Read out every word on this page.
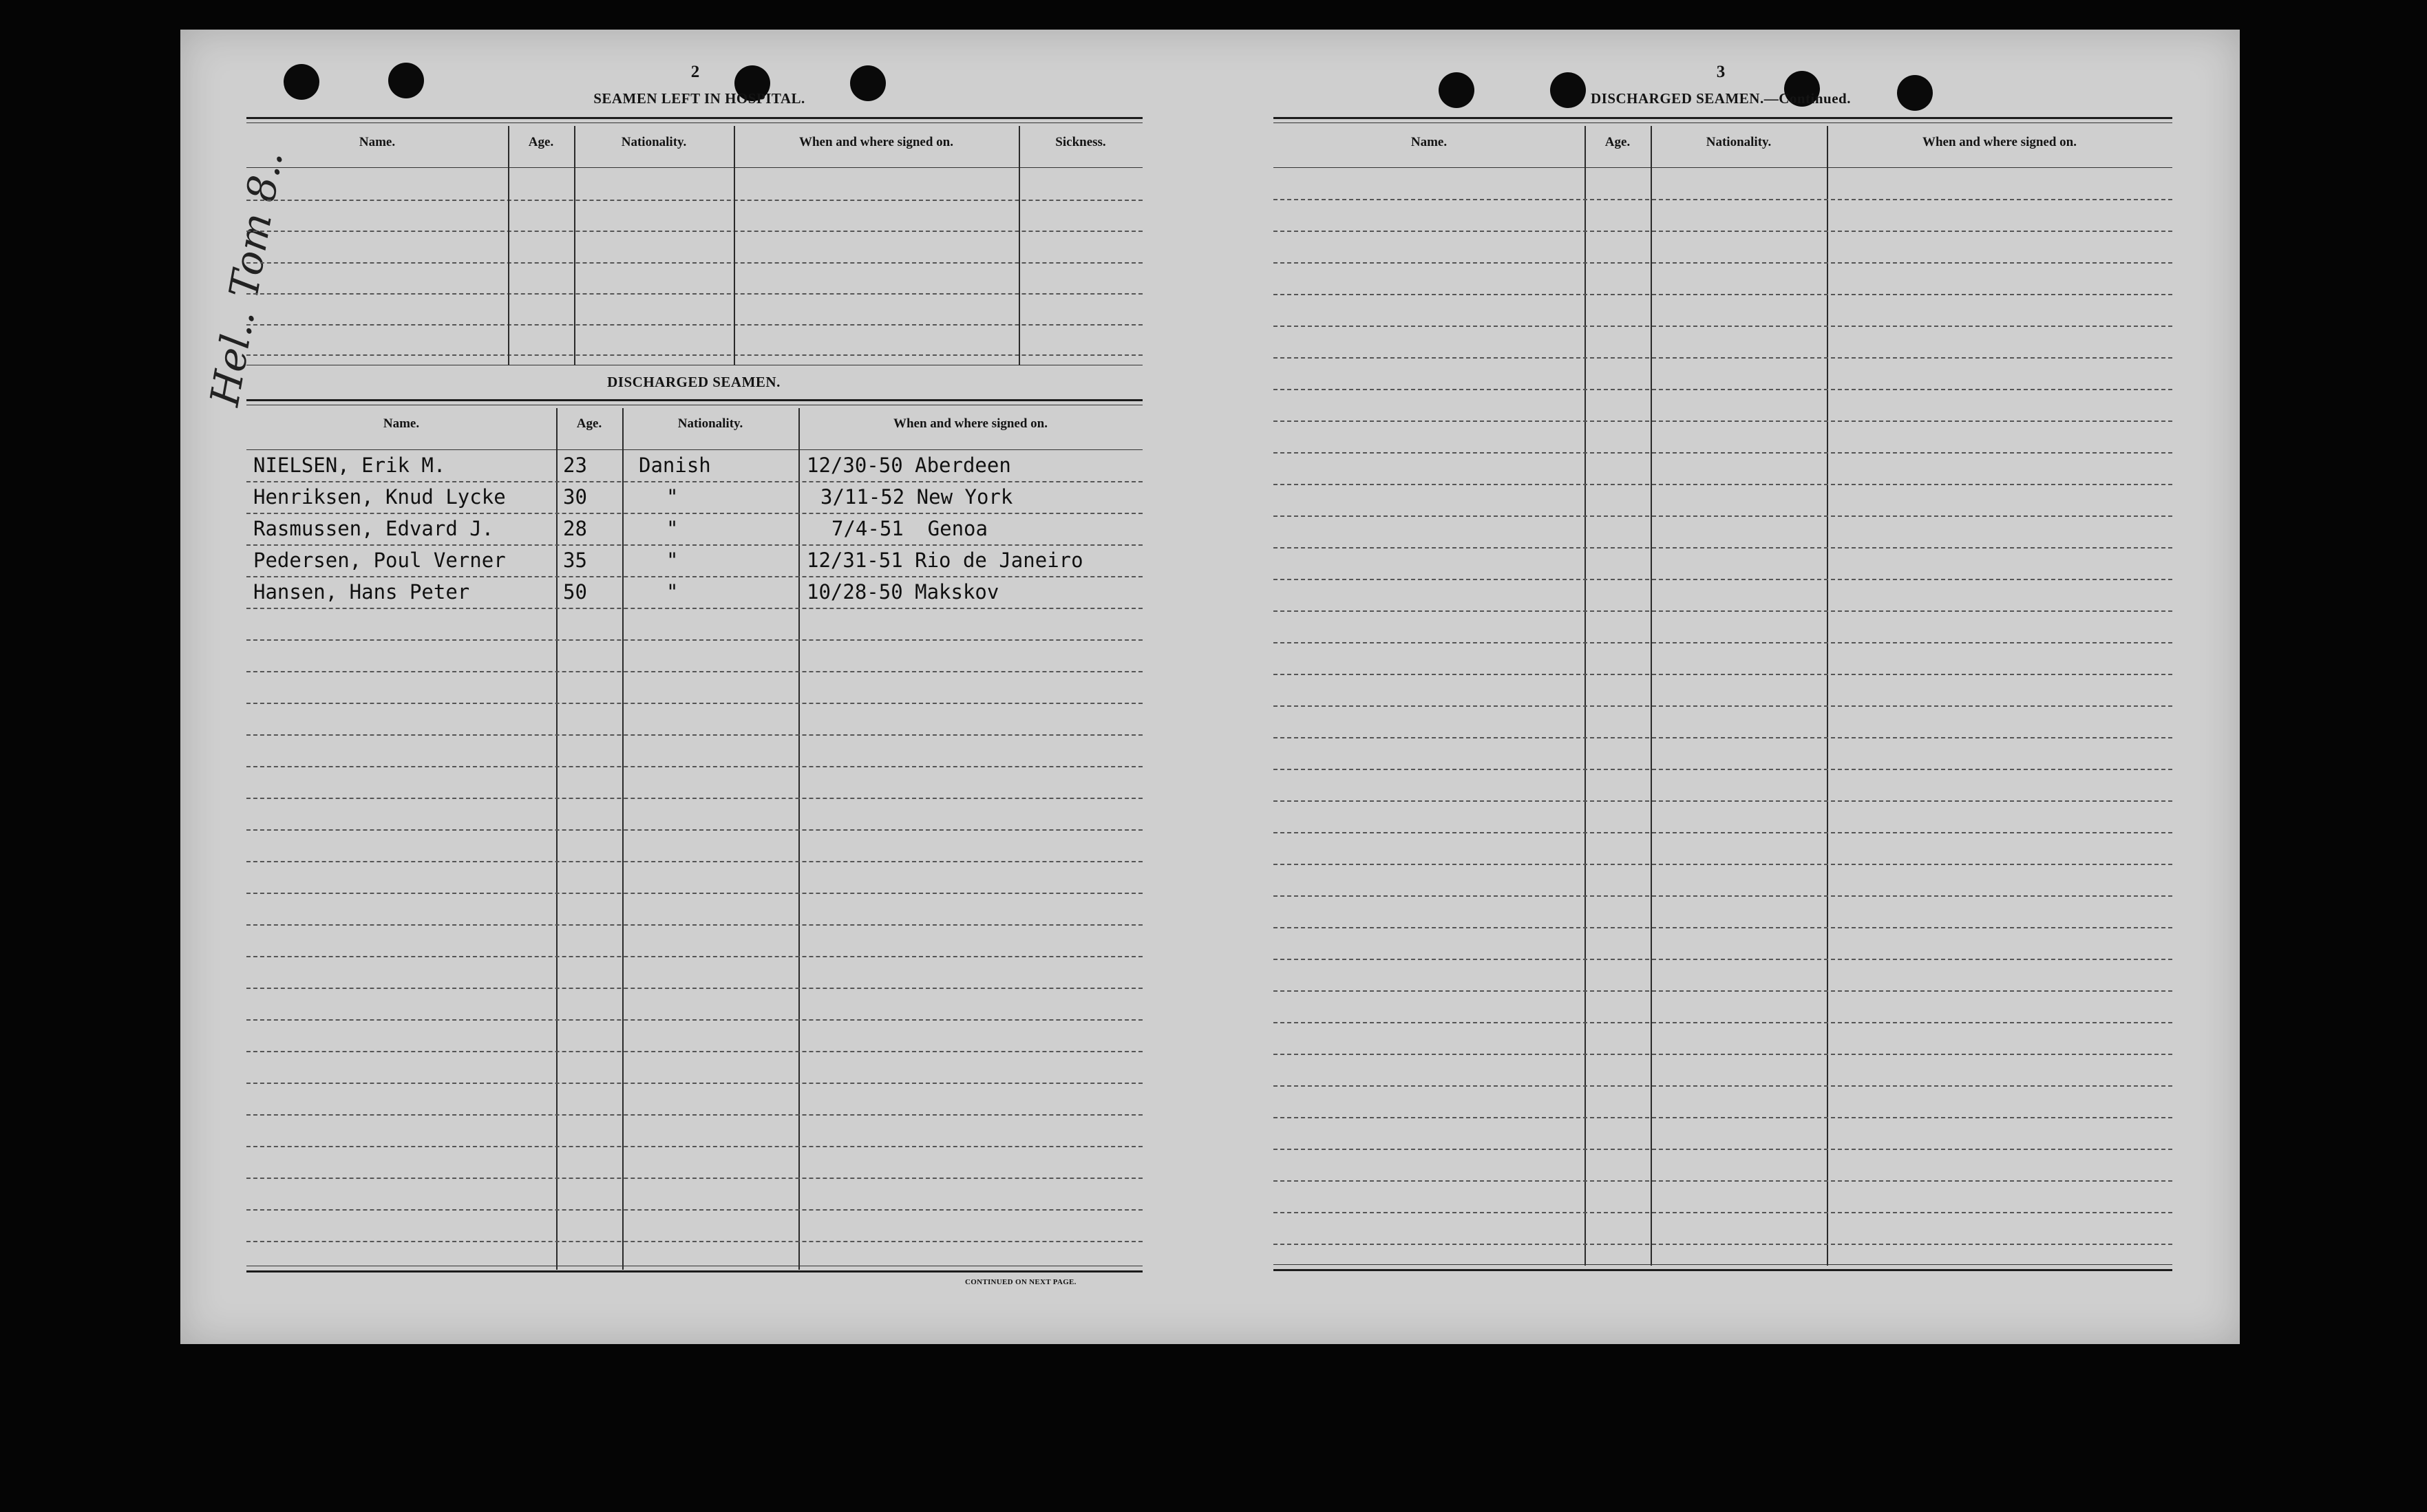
Hel.. Tom 8..
2
SEAMEN LEFT IN HOSPITAL.
Name.	Age.	Nationality.	When and where signed on.	Sickness.
DISCHARGED SEAMEN.
Name.	Age.	Nationality.	When and where signed on.
NIELSEN, Erik M.	23	Danish	12/30-50 Aberdeen
Henriksen, Knud Lycke	30	"	3/11-52 New York
Rasmussen, Edvard J.	28	"	7/4-51  Genoa
Pedersen, Poul Verner	35	"	12/31-51 Rio de Janeiro
Hansen, Hans Peter	50	"	10/28-50 Makskov
CONTINUED ON NEXT PAGE.
3
DISCHARGED SEAMEN.—Continued.
Name.	Age.	Nationality.	When and where signed on.
